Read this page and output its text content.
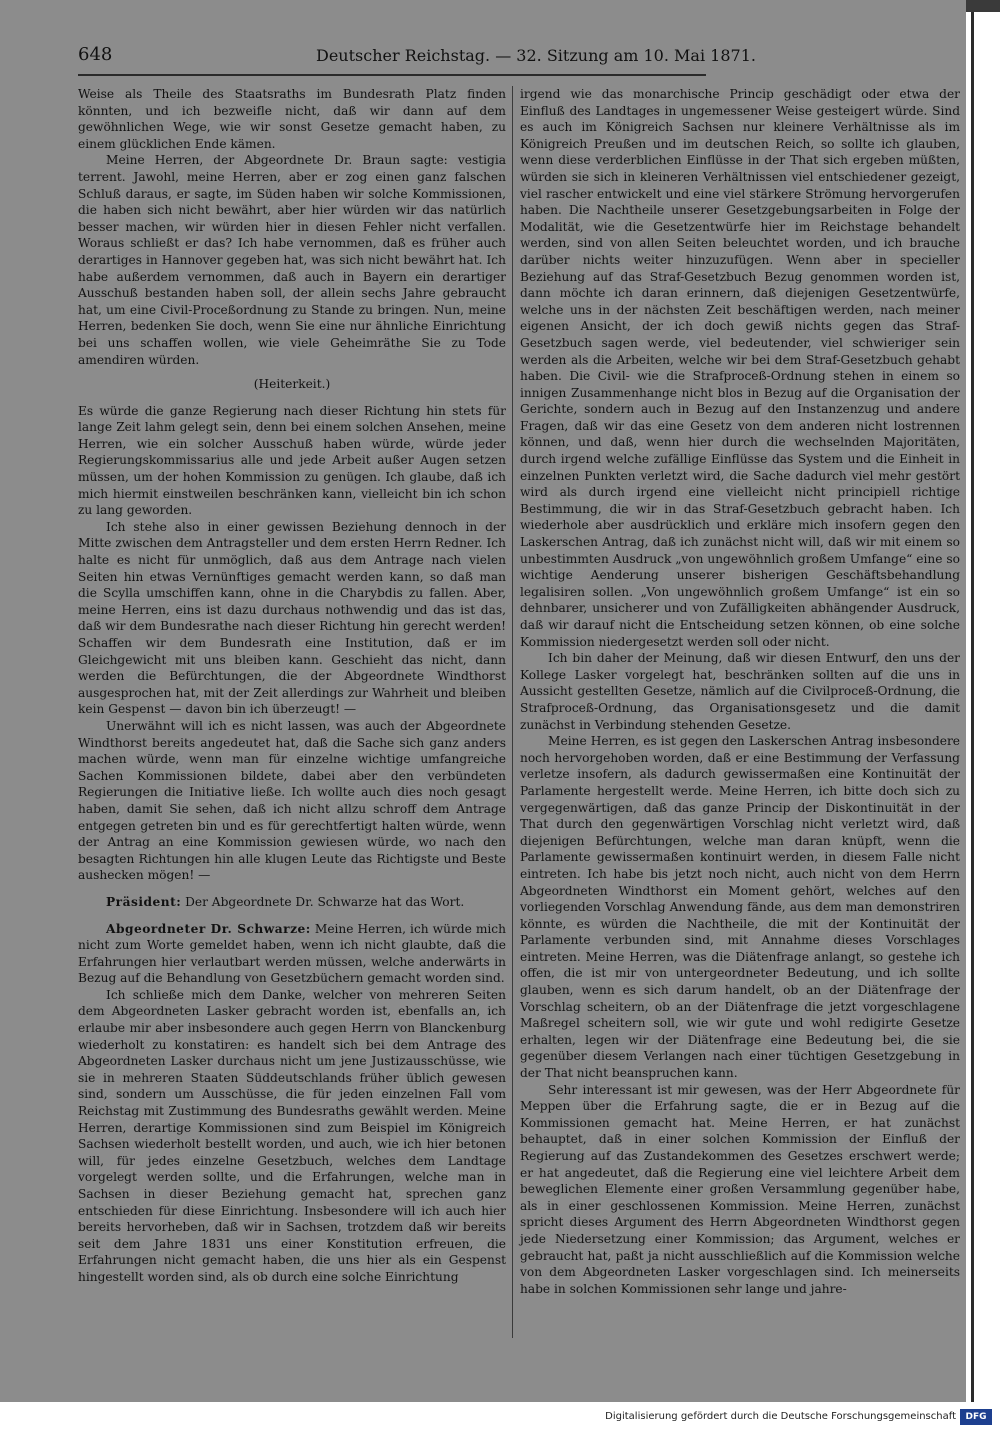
648	Deutscher Reichstag. — 32. Sitzung am 10. Mai 1871.

Weise als Theile des Staatsraths im Bundesrath Platz finden könnten, und ich bezweifle nicht, daß wir dann auf dem gewöhnlichen Wege, wie wir sonst Gesetze gemacht haben, zu einem glücklichen Ende kämen.

Meine Herren, der Abgeordnete Dr. Braun sagte: vestigia terrent. Jawohl, meine Herren, aber er zog einen ganz falschen Schluß daraus, er sagte, im Süden haben wir solche Kommissionen, die haben sich nicht bewährt, aber hier würden wir das natürlich besser machen, wir würden hier in diesen Fehler nicht verfallen. Woraus schließt er das? Ich habe vernommen, daß es früher auch derartiges in Hannover gegeben hat, was sich nicht bewährt hat. Ich habe außerdem vernommen, daß auch in Bayern ein derartiger Ausschuß bestanden haben soll, der allein sechs Jahre gebraucht hat, um eine Civil-Proceßordnung zu Stande zu bringen. Nun, meine Herren, bedenken Sie doch, wenn Sie eine nur ähnliche Einrichtung bei uns schaffen wollen, wie viele Geheimräthe Sie zu Tode amendiren würden.

(Heiterkeit.)

Es würde die ganze Regierung nach dieser Richtung hin stets für lange Zeit lahm gelegt sein, denn bei einem solchen Ansehen, meine Herren, wie ein solcher Ausschuß haben würde, würde jeder Regierungskommissarius alle und jede Arbeit außer Augen setzen müssen, um der hohen Kommission zu genügen. Ich glaube, daß ich mich hiermit einstweilen beschränken kann, vielleicht bin ich schon zu lang geworden.

Ich stehe also in einer gewissen Beziehung dennoch in der Mitte zwischen dem Antragsteller und dem ersten Herrn Redner. Ich halte es nicht für unmöglich, daß aus dem Antrage nach vielen Seiten hin etwas Vernünftiges gemacht werden kann, so daß man die Scylla umschiffen kann, ohne in die Charybdis zu fallen. Aber, meine Herren, eins ist dazu durchaus nothwendig und das ist das, daß wir dem Bundesrathe nach dieser Richtung hin gerecht werden! Schaffen wir dem Bundesrath eine Institution, daß er im Gleichgewicht mit uns bleiben kann. Geschieht das nicht, dann werden die Befürchtungen, die der Abgeordnete Windthorst ausgesprochen hat, mit der Zeit allerdings zur Wahrheit und bleiben kein Gespenst — davon bin ich überzeugt! —

Unerwähnt will ich es nicht lassen, was auch der Abgeordnete Windthorst bereits angedeutet hat, daß die Sache sich ganz anders machen würde, wenn man für einzelne wichtige umfangreiche Sachen Kommissionen bildete, dabei aber den verbündeten Regierungen die Initiative ließe. Ich wollte auch dies noch gesagt haben, damit Sie sehen, daß ich nicht allzu schroff dem Antrage entgegen getreten bin und es für gerechtfertigt halten würde, wenn der Antrag an eine Kommission gewiesen würde, wo nach den besagten Richtungen hin alle klugen Leute das Richtigste und Beste aushecken mögen! —

Präsident: Der Abgeordnete Dr. Schwarze hat das Wort.

Abgeordneter Dr. Schwarze: Meine Herren, ich würde mich nicht zum Worte gemeldet haben, wenn ich nicht glaubte, daß die Erfahrungen hier verlautbart werden müssen, welche anderwärts in Bezug auf die Behandlung von Gesetzbüchern gemacht worden sind.

Ich schließe mich dem Danke, welcher von mehreren Seiten dem Abgeordneten Lasker gebracht worden ist, ebenfalls an, ich erlaube mir aber insbesondere auch gegen Herrn von Blanckenburg wiederholt zu konstatiren: es handelt sich bei dem Antrage des Abgeordneten Lasker durchaus nicht um jene Justizausschüsse, wie sie in mehreren Staaten Süddeutschlands früher üblich gewesen sind, sondern um Ausschüsse, die für jeden einzelnen Fall vom Reichstag mit Zustimmung des Bundesraths gewählt werden. Meine Herren, derartige Kommissionen sind zum Beispiel im Königreich Sachsen wiederholt bestellt worden, und auch, wie ich hier betonen will, für jedes einzelne Gesetzbuch, welches dem Landtage vorgelegt werden sollte, und die Erfahrungen, welche man in Sachsen in dieser Beziehung gemacht hat, sprechen ganz entschieden für diese Einrichtung. Insbesondere will ich auch hier bereits hervorheben, daß wir in Sachsen, trotzdem daß wir bereits seit dem Jahre 1831 uns einer Konstitution erfreuen, die Erfahrungen nicht gemacht haben, die uns hier als ein Gespenst hingestellt worden sind, als ob durch eine solche Einrichtung

irgend wie das monarchische Princip geschädigt oder etwa der Einfluß des Landtages in ungemessener Weise gesteigert würde. Sind es auch im Königreich Sachsen nur kleinere Verhältnisse als im Königreich Preußen und im deutschen Reich, so sollte ich glauben, wenn diese verderblichen Einflüsse in der That sich ergeben müßten, würden sie sich in kleineren Verhältnissen viel entschiedener gezeigt, viel rascher entwickelt und eine viel stärkere Strömung hervorgerufen haben. Die Nachtheile unserer Gesetzgebungsarbeiten in Folge der Modalität, wie die Gesetzentwürfe hier im Reichstage behandelt werden, sind von allen Seiten beleuchtet worden, und ich brauche darüber nichts weiter hinzuzufügen. Wenn aber in specieller Beziehung auf das Straf-Gesetzbuch Bezug genommen worden ist, dann möchte ich daran erinnern, daß diejenigen Gesetzentwürfe, welche uns in der nächsten Zeit beschäftigen werden, nach meiner eigenen Ansicht, der ich doch gewiß nichts gegen das Straf-Gesetzbuch sagen werde, viel bedeutender, viel schwieriger sein werden als die Arbeiten, welche wir bei dem Straf-Gesetzbuch gehabt haben. Die Civil- wie die Strafproceß-Ordnung stehen in einem so innigen Zusammenhange nicht blos in Bezug auf die Organisation der Gerichte, sondern auch in Bezug auf den Instanzenzug und andere Fragen, daß wir das eine Gesetz von dem anderen nicht lostrennen können, und daß, wenn hier durch die wechselnden Majoritäten, durch irgend welche zufällige Einflüsse das System und die Einheit in einzelnen Punkten verletzt wird, die Sache dadurch viel mehr gestört wird als durch irgend eine vielleicht nicht principiell richtige Bestimmung, die wir in das Straf-Gesetzbuch gebracht haben. Ich wiederhole aber ausdrücklich und erkläre mich insofern gegen den Laskerschen Antrag, daß ich zunächst nicht will, daß wir mit einem so unbestimmten Ausdruck „von ungewöhnlich großem Umfange“ eine so wichtige Aenderung unserer bisherigen Geschäftsbehandlung legalisiren sollen. „Von ungewöhnlich großem Umfange“ ist ein so dehnbarer, unsicherer und von Zufälligkeiten abhängender Ausdruck, daß wir darauf nicht die Entscheidung setzen können, ob eine solche Kommission niedergesetzt werden soll oder nicht.

Ich bin daher der Meinung, daß wir diesen Entwurf, den uns der Kollege Lasker vorgelegt hat, beschränken sollten auf die uns in Aussicht gestellten Gesetze, nämlich auf die Civilproceß-Ordnung, die Strafproceß-Ordnung, das Organisationsgesetz und die damit zunächst in Verbindung stehenden Gesetze.

Meine Herren, es ist gegen den Laskerschen Antrag insbesondere noch hervorgehoben worden, daß er eine Bestimmung der Verfassung verletze insofern, als dadurch gewissermaßen eine Kontinuität der Parlamente hergestellt werde. Meine Herren, ich bitte doch sich zu vergegenwärtigen, daß das ganze Princip der Diskontinuität in der That durch den gegenwärtigen Vorschlag nicht verletzt wird, daß diejenigen Befürchtungen, welche man daran knüpft, wenn die Parlamente gewissermaßen kontinuirt werden, in diesem Falle nicht eintreten. Ich habe bis jetzt noch nicht, auch nicht von dem Herrn Abgeordneten Windthorst ein Moment gehört, welches auf den vorliegenden Vorschlag Anwendung fände, aus dem man demonstriren könnte, es würden die Nachtheile, die mit der Kontinuität der Parlamente verbunden sind, mit Annahme dieses Vorschlages eintreten. Meine Herren, was die Diätenfrage anlangt, so gestehe ich offen, die ist mir von untergeordneter Bedeutung, und ich sollte glauben, wenn es sich darum handelt, ob an der Diätenfrage der Vorschlag scheitern, ob an der Diätenfrage die jetzt vorgeschlagene Maßregel scheitern soll, wie wir gute und wohl redigirte Gesetze erhalten, legen wir der Diätenfrage eine Bedeutung bei, die sie gegenüber diesem Verlangen nach einer tüchtigen Gesetzgebung in der That nicht beanspruchen kann.

Sehr interessant ist mir gewesen, was der Herr Abgeordnete für Meppen über die Erfahrung sagte, die er in Bezug auf die Kommissionen gemacht hat. Meine Herren, er hat zunächst behauptet, daß in einer solchen Kommission der Einfluß der Regierung auf das Zustandekommen des Gesetzes erschwert werde; er hat angedeutet, daß die Regierung eine viel leichtere Arbeit dem beweglichen Elemente einer großen Versammlung gegenüber habe, als in einer geschlossenen Kommission. Meine Herren, zunächst spricht dieses Argument des Herrn Abgeordneten Windthorst gegen jede Niedersetzung einer Kommission; das Argument, welches er gebraucht hat, paßt ja nicht ausschließlich auf die Kommission welche von dem Abgeordneten Lasker vorgeschlagen sind. Ich meinerseits habe in solchen Kommissionen sehr lange und jahre-

Digitalisierung gefördert durch die Deutsche Forschungsgemeinschaft	DFG
